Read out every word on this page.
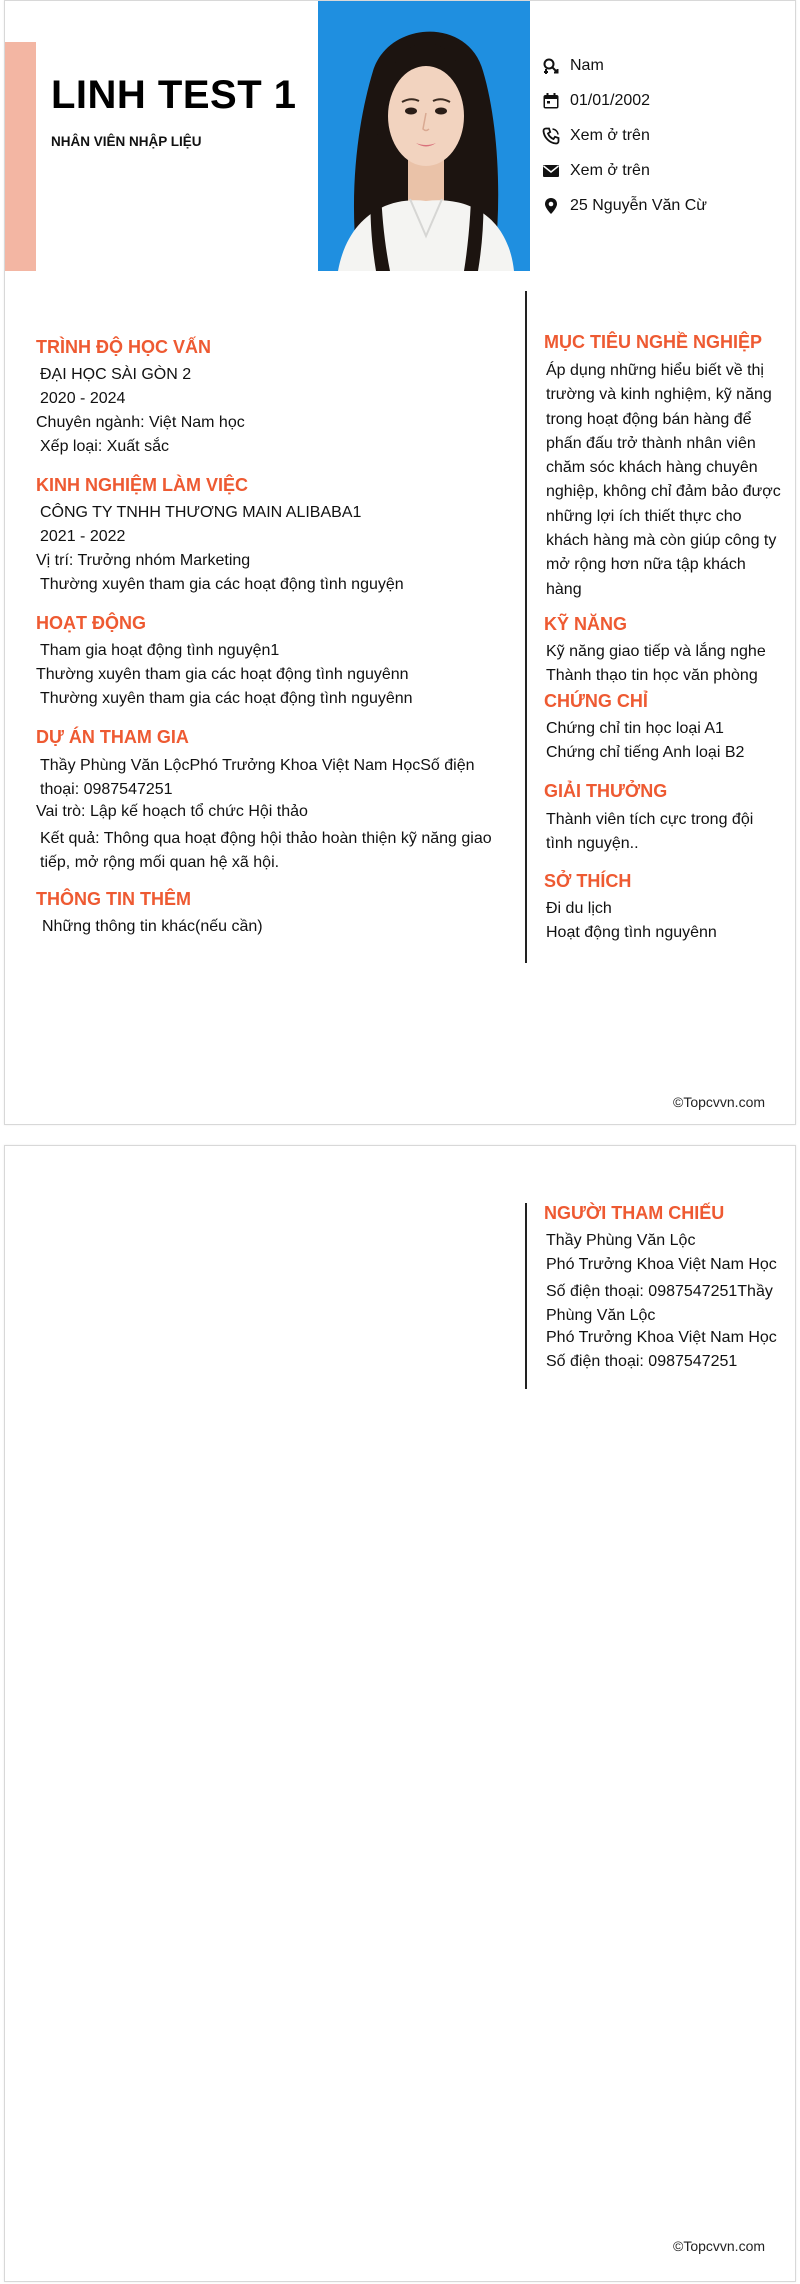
LINH TEST 1
NHÂN VIÊN NHẬP LIỆU
Nam
01/01/2002
Xem ở trên
Xem ở trên
25 Nguyễn Văn Cừ
TRÌNH ĐỘ HỌC VẤN
ĐẠI HỌC SÀI GÒN 2
2020 - 2024
Chuyên ngành: Việt Nam học
Xếp loại: Xuất sắc
KINH NGHIỆM LÀM VIỆC
CÔNG TY TNHH THƯƠNG MAIN ALIBABA1
2021 - 2022
Vị trí: Trưởng nhóm Marketing
Thường xuyên tham gia các hoạt động tình nguyện
HOẠT ĐỘNG
Tham gia hoạt động tình nguyện1
Thường xuyên tham gia các hoạt động tình nguyênn
Thường xuyên tham gia các hoạt động tình nguyênn
DỰ ÁN THAM GIA
Thầy Phùng Văn LộcPhó Trưởng Khoa Việt Nam HọcSố điện thoại: 0987547251
Vai trò: Lập kế hoạch tổ chức Hội thảo
Kết quả: Thông qua hoạt động hội thảo hoàn thiện kỹ năng giao tiếp, mở rộng mối quan hệ xã hội.
THÔNG TIN THÊM
Những thông tin khác(nếu cần)
MỤC TIÊU NGHỀ NGHIỆP
Áp dụng những hiểu biết về thị trường và kinh nghiệm, kỹ năng trong hoạt động bán hàng để phấn đấu trở thành nhân viên chăm sóc khách hàng chuyên nghiệp, không chỉ đảm bảo được những lợi ích thiết thực cho khách hàng mà còn giúp công ty mở rộng hơn nữa tập khách hàng
KỸ NĂNG
Kỹ năng giao tiếp và lắng nghe
Thành thạo tin học văn phòng
CHỨNG CHỈ
Chứng chỉ tin học loại A1
Chứng chỉ tiếng Anh loại B2
GIẢI THƯỞNG
Thành viên tích cực trong đội tình nguyện..
SỞ THÍCH
Đi du lịch
Hoạt động tình nguyênn
©Topcvvn.com
NGƯỜI THAM CHIẾU
Thầy Phùng Văn Lộc
Phó Trưởng Khoa Việt Nam Học
Số điện thoại: 0987547251Thầy Phùng Văn Lộc
Phó Trưởng Khoa Việt Nam Học
Số điện thoại: 0987547251
©Topcvvn.com
